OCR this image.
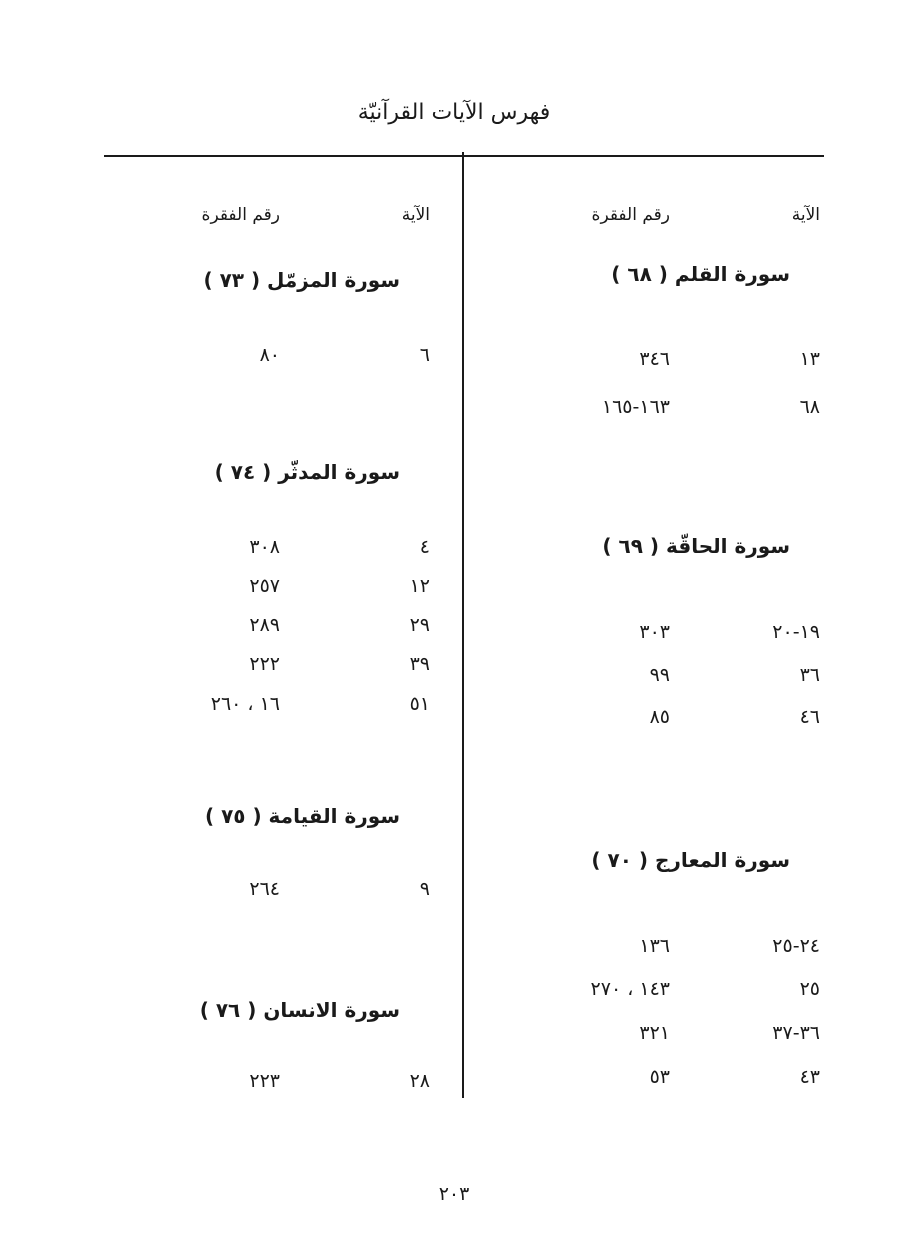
فهرس الآيات القرآنيّة
الآية
رقم الفقرة
سورة القلم ( ٦٨ )
١٣
٣٤٦
٦٨
١٦٣-١٦٥
سورة الحاقّة ( ٦٩ )
١٩-٢٠
٣٠٣
٣٦
٩٩
٤٦
٨٥
سورة المعارج ( ٧٠ )
٢٤-٢٥
١٣٦
٢٥
١٤٣ ، ٢٧٠
٣٦-٣٧
٣٢١
٤٣
٥٣
الآية
رقم الفقرة
سورة المزمّل ( ٧٣ )
٦
٨٠
سورة المدثّر ( ٧٤ )
٤
٣٠٨
١٢
٢٥٧
٢٩
٢٨٩
٣٩
٢٢٢
٥١
١٦ ، ٢٦٠
سورة القيامة ( ٧٥ )
٩
٢٦٤
سورة الانسان ( ٧٦ )
٢٨
٢٢٣
٢٠٣
